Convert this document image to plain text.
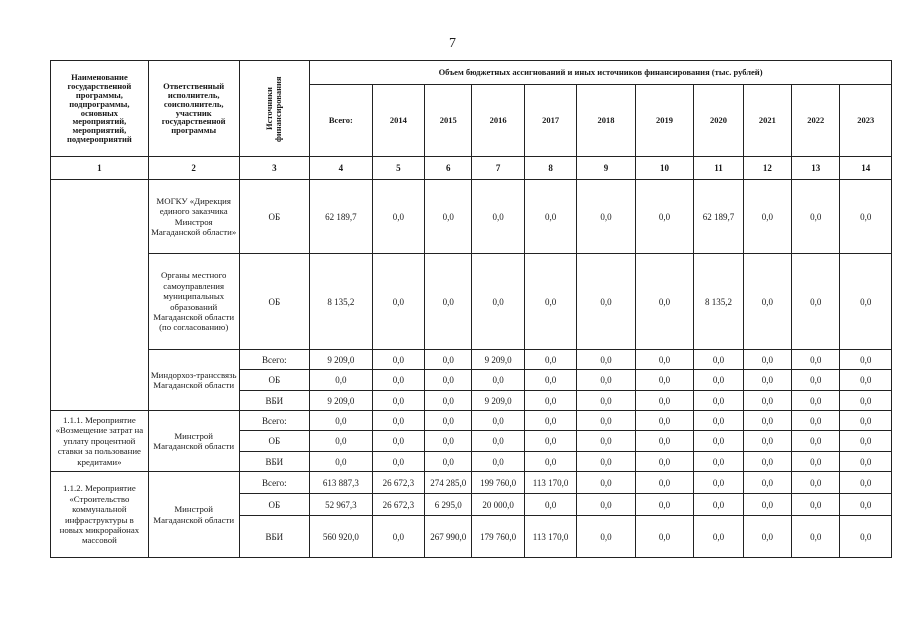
7
Наименование государственной программы, подпрограммы, основных мероприятий, мероприятий, подмероприятий	Ответственный исполнитель, соисполнитель, участник государственной программы	Источники финансирования	Объем бюджетных ассигнований и иных источников финансирования (тыс. рублей)										
			Всего:	2014	2015	2016	2017	2018	2019	2020	2021	2022	2023
1	2	3	4	5	6	7	8	9	10	11	12	13	14
	МОГКУ «Дирекция единого заказчика Минстроя Магаданской области»	ОБ	62 189,7	0,0	0,0	0,0	0,0	0,0	0,0	62 189,7	0,0	0,0	0,0
	Органы местного самоуправления муниципальных образований Магаданской области (по согласованию)	ОБ	8 135,2	0,0	0,0	0,0	0,0	0,0	0,0	8 135,2	0,0	0,0	0,0
	Миндорхоз-транссвязь Магаданской области	Всего:	9 209,0	0,0	0,0	9 209,0	0,0	0,0	0,0	0,0	0,0	0,0	0,0
		ОБ	0,0	0,0	0,0	0,0	0,0	0,0	0,0	0,0	0,0	0,0	0,0
		ВБИ	9 209,0	0,0	0,0	9 209,0	0,0	0,0	0,0	0,0	0,0	0,0	0,0
1.1.1. Мероприятие «Возмещение затрат на уплату процентной ставки за пользование кредитами»	Минстрой Магаданской области	Всего:	0,0	0,0	0,0	0,0	0,0	0,0	0,0	0,0	0,0	0,0	0,0
		ОБ	0,0	0,0	0,0	0,0	0,0	0,0	0,0	0,0	0,0	0,0	0,0
		ВБИ	0,0	0,0	0,0	0,0	0,0	0,0	0,0	0,0	0,0	0,0	0,0
1.1.2. Мероприятие «Строительство коммунальной инфраструктуры в новых микрорайонах массовой	Минстрой Магаданской области	Всего:	613 887,3	26 672,3	274 285,0	199 760,0	113 170,0	0,0	0,0	0,0	0,0	0,0	0,0
		ОБ	52 967,3	26 672,3	6 295,0	20 000,0	0,0	0,0	0,0	0,0	0,0	0,0	0,0
		ВБИ	560 920,0	0,0	267 990,0	179 760,0	113 170,0	0,0	0,0	0,0	0,0	0,0	0,0
